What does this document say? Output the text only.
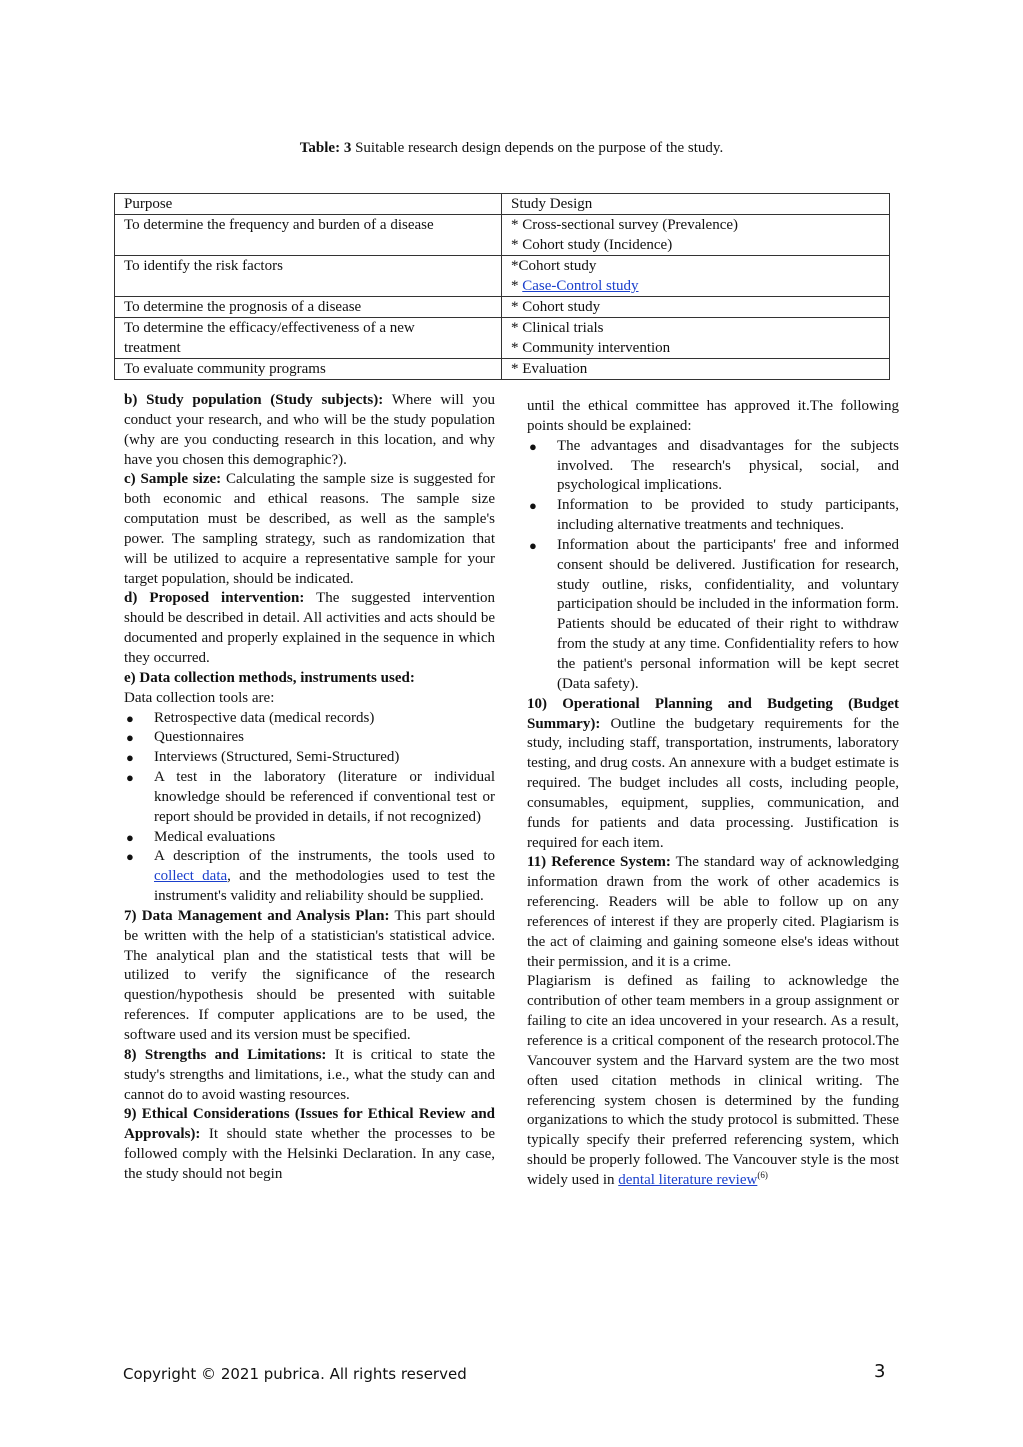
Table: 3 Suitable research design depends on the purpose of the study.
Purpose	Study Design

To determine the frequency and burden of a disease	* Cross-sectional survey (Prevalence)
* Cohort study (Incidence)

To identify the risk factors	*Cohort study
* Case-Control study

To determine the prognosis of a disease	* Cohort study

To determine the efficacy/effectiveness of a new
treatment	* Clinical trials
* Community intervention

To evaluate community programs	* Evaluation

b) Study population (Study subjects): Where will you conduct your research, and who will be the study population (why are you conducting research in this location, and why have you chosen this demographic?).

c) Sample size: Calculating the sample size is suggested for both economic and ethical reasons. The sample size computation must be described, as well as the sample's power. The sampling strategy, such as randomization that will be utilized to acquire a representative sample for your target population, should be indicated.

d) Proposed intervention: The suggested intervention should be described in detail. All activities and acts should be documented and properly explained in the sequence in which they occurred.

e) Data collection methods, instruments used:

Data collection tools are:

● Retrospective data (medical records)
● Questionnaires
● Interviews (Structured, Semi-Structured)
● A test in the laboratory (literature or individual knowledge should be referenced if conventional test or report should be provided in details, if not recognized)
● Medical evaluations
● A description of the instruments, the tools used to collect data, and the methodologies used to test the instrument's validity and reliability should be supplied.

7) Data Management and Analysis Plan: This part should be written with the help of a statistician's statistical advice. The analytical plan and the statistical tests that will be utilized to verify the significance of the research question/hypothesis should be presented with suitable references. If computer applications are to be used, the software used and its version must be specified.

8) Strengths and Limitations: It is critical to state the study's strengths and limitations, i.e., what the study can and cannot do to avoid wasting resources.

9) Ethical Considerations (Issues for Ethical Review and Approvals): It should state whether the processes to be followed comply with the Helsinki Declaration. In any case, the study should not begin

until the ethical committee has approved it.The following points should be explained:

● The advantages and disadvantages for the subjects involved. The research's physical, social, and psychological implications.
● Information to be provided to study participants, including alternative treatments and techniques.
● Information about the participants' free and informed consent should be delivered. Justification for research, study outline, risks, confidentiality, and voluntary participation should be included in the information form. Patients should be educated of their right to withdraw from the study at any time. Confidentiality refers to how the patient's personal information will be kept secret (Data safety).

10) Operational Planning and Budgeting (Budget Summary): Outline the budgetary requirements for the study, including staff, transportation, instruments, laboratory testing, and drug costs. An annexure with a budget estimate is required. The budget includes all costs, including people, consumables, equipment, supplies, communication, and funds for patients and data processing. Justification is required for each item.

11) Reference System: The standard way of acknowledging information drawn from the work of other academics is referencing. Readers will be able to follow up on any references of interest if they are properly cited. Plagiarism is the act of claiming and gaining someone else's ideas without their permission, and it is a crime.

Plagiarism is defined as failing to acknowledge the contribution of other team members in a group assignment or failing to cite an idea uncovered in your research. As a result, reference is a critical component of the research protocol.The Vancouver system and the Harvard system are the two most often used citation methods in clinical writing. The referencing system chosen is determined by the funding organizations to which the study protocol is submitted. These typically specify their preferred referencing system, which should be properly followed. The Vancouver style is the most widely used in dental literature review$^{(6)}$

Copyright © 2021 pubrica. All rights reserved	3
